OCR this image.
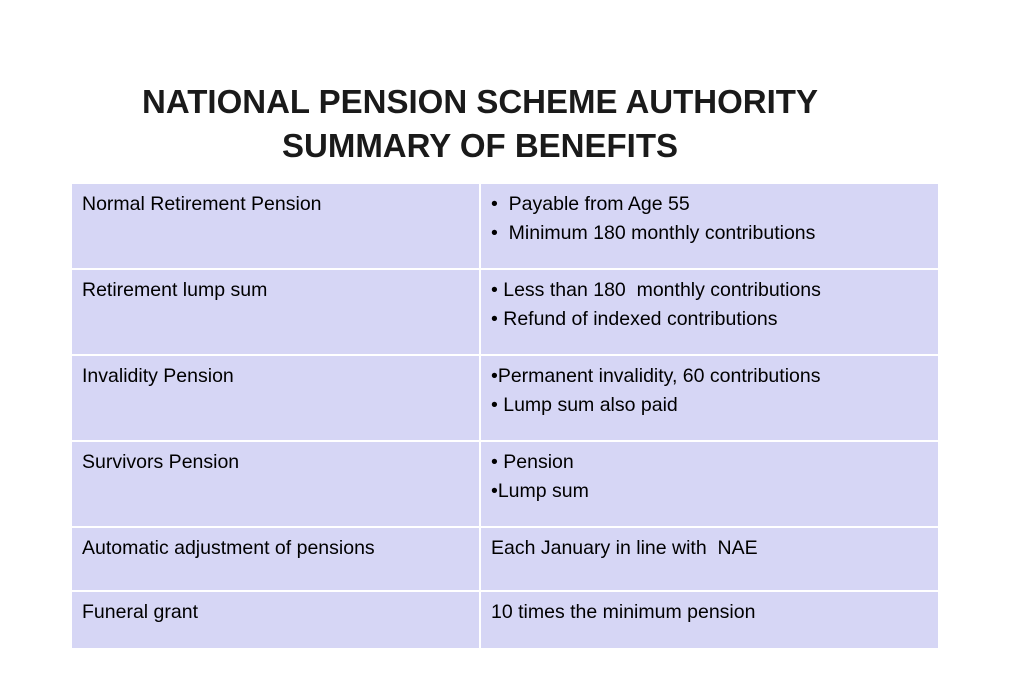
NATIONAL PENSION SCHEME AUTHORITY
SUMMARY OF BENEFITS
Normal Retirement Pension	•  Payable from Age 55
•  Minimum 180 monthly contributions

Retirement lump sum	• Less than 180  monthly contributions
• Refund of indexed contributions

Invalidity Pension	•Permanent invalidity, 60 contributions
• Lump sum also paid

Survivors Pension	• Pension
•Lump sum

Automatic adjustment of pensions	Each January in line with  NAE

Funeral grant	10 times the minimum pension
